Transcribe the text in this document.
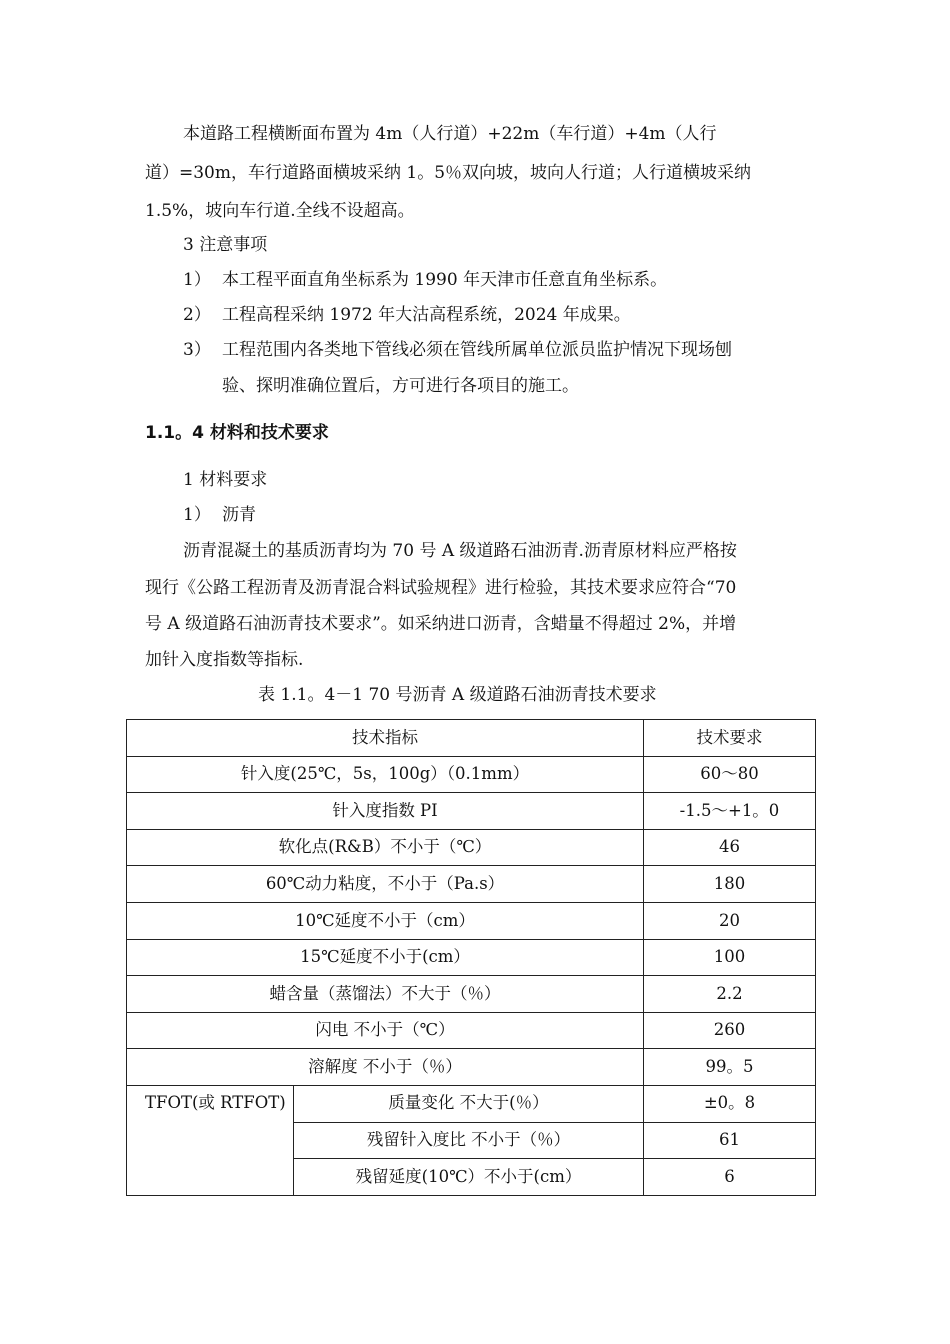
本道路工程横断面布置为 4m（人行道）+22m（车行道）+4m（人行
道）=30m，车行道路面横坡采纳 1。5％双向坡，坡向人行道；人行道横坡采纳
1.5%，坡向车行道.全线不设超高。
3 注意事项
1） 本工程平面直角坐标系为 1990 年天津市任意直角坐标系。
2） 工程高程采纳 1972 年大沽高程系统，2024 年成果。
3） 工程范围内各类地下管线必须在管线所属单位派员监护情况下现场刨
验、探明准确位置后，方可进行各项目的施工。
1.1。4 材料和技术要求
1 材料要求
1） 沥青
沥青混凝土的基质沥青均为 70 号 A 级道路石油沥青.沥青原材料应严格按
现行《公路工程沥青及沥青混合料试验规程》进行检验，其技术要求应符合“70
号 A 级道路石油沥青技术要求”。如采纳进口沥青，含蜡量不得超过 2%，并增
加针入度指数等指标.
表 1.1。4－1 70 号沥青 A 级道路石油沥青技术要求
技术指标		技术要求
针入度(25℃，5s，100g）（0.1mm）		60～80
针入度指数 PI		-1.5～+1。0
软化点(R&B）不小于（℃）		46
60℃动力粘度，不小于（Pa.s）		180
10℃延度不小于（cm）		20
15℃延度不小于(cm）		100
蜡含量（蒸馏法）不大于（％）		2.2
闪电 不小于（℃）		260
溶解度 不小于（％）		99。5
TFOT(或 RTFOT)	质量变化 不大于(％）	±0。8
	残留针入度比 不小于（％）	61
	残留延度(10℃）不小于(cm）	6
